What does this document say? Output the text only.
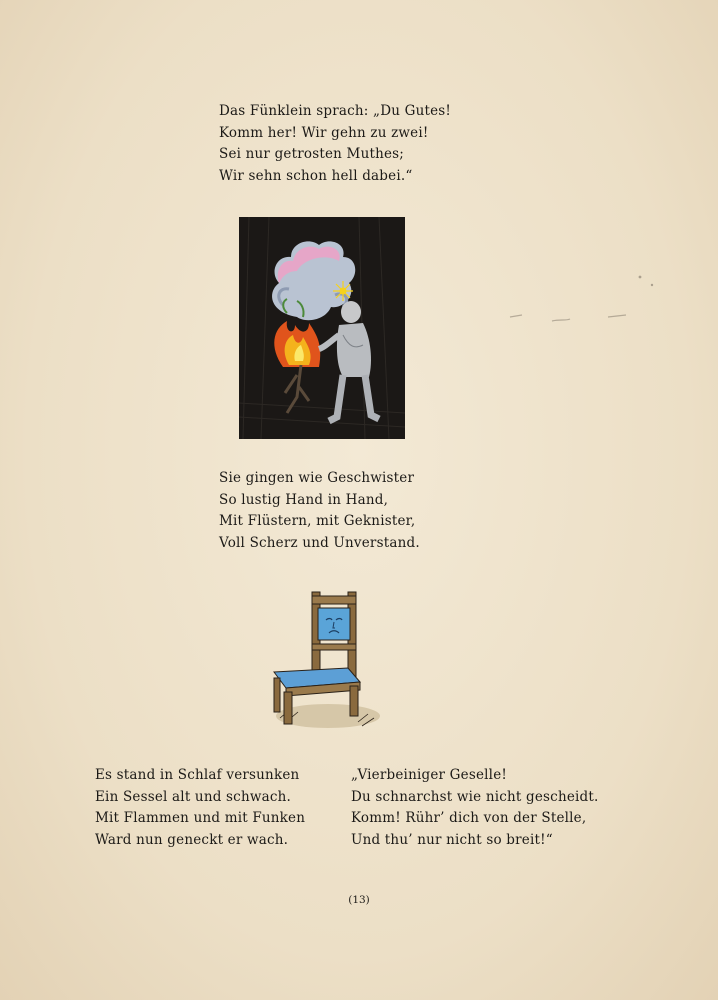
Das Fünklein sprach: „Du Gutes!
Komm her! Wir gehn zu zwei!
Sei nur getrosten Muthes;
Wir sehn schon hell dabei.“
Sie gingen wie Geschwister
So lustig Hand in Hand,
Mit Flüstern, mit Geknister,
Voll Scherz und Unverstand.
Es stand in Schlaf versunken
Ein Sessel alt und schwach.
Mit Flammen und mit Funken
Ward nun geneckt er wach.
„Vierbeiniger Geselle!
Du schnarchst wie nicht gescheidt.
Komm! Rühr’ dich von der Stelle,
Und thu’ nur nicht so breit!“
(13)
